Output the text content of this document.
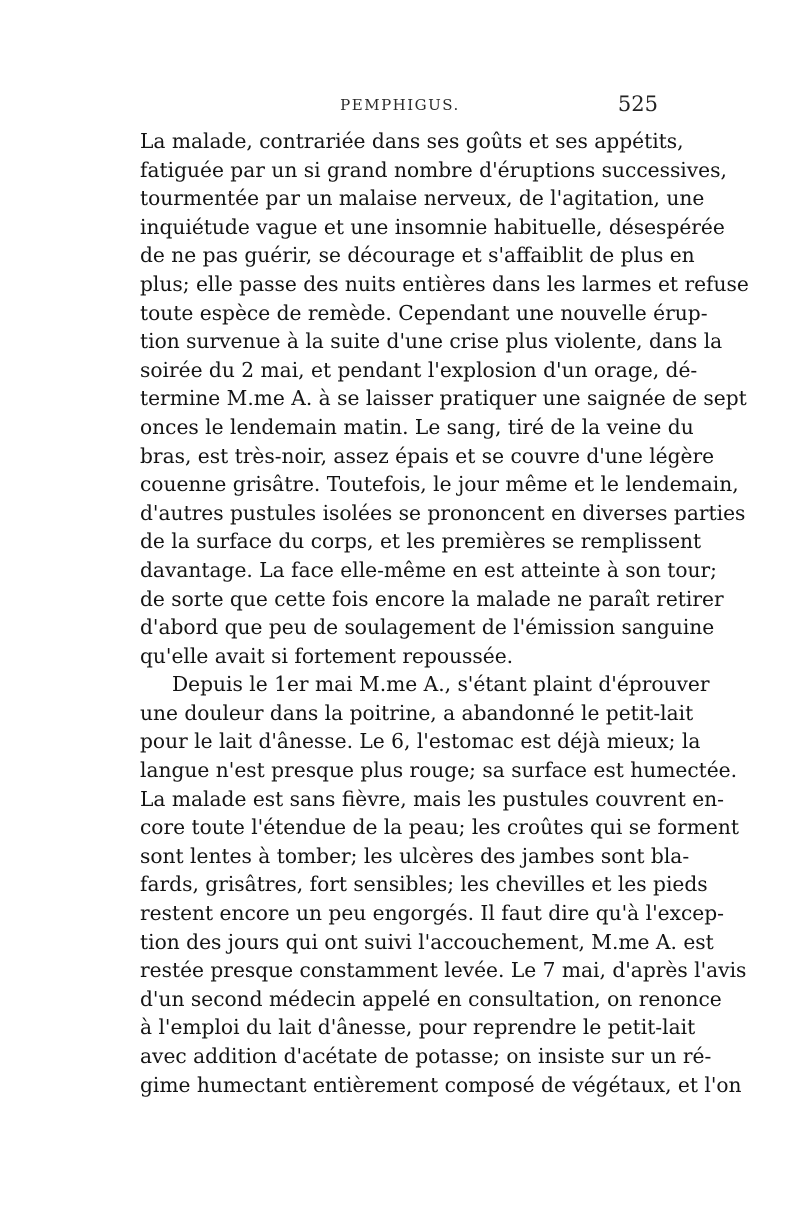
PEMPHIGUS.	525

La malade, contrariée dans ses goûts et ses appétits,
fatiguée par un si grand nombre d'éruptions successives,
tourmentée par un malaise nerveux, de l'agitation, une
inquiétude vague et une insomnie habituelle, désespérée
de ne pas guérir, se décourage et s'affaiblit de plus en
plus; elle passe des nuits entières dans les larmes et refuse
toute espèce de remède. Cependant une nouvelle érup-
tion survenue à la suite d'une crise plus violente, dans la
soirée du 2 mai, et pendant l'explosion d'un orage, dé-
termine M.me A. à se laisser pratiquer une saignée de sept
onces le lendemain matin. Le sang, tiré de la veine du
bras, est très-noir, assez épais et se couvre d'une légère
couenne grisâtre. Toutefois, le jour même et le lendemain,
d'autres pustules isolées se prononcent en diverses parties
de la surface du corps, et les premières se remplissent
davantage. La face elle-même en est atteinte à son tour;
de sorte que cette fois encore la malade ne paraît retirer
d'abord que peu de soulagement de l'émission sanguine
qu'elle avait si fortement repoussée.

Depuis le 1er mai M.me A., s'étant plaint d'éprouver
une douleur dans la poitrine, a abandonné le petit-lait
pour le lait d'ânesse. Le 6, l'estomac est déjà mieux; la
langue n'est presque plus rouge; sa surface est humectée.
La malade est sans fièvre, mais les pustules couvrent en-
core toute l'étendue de la peau; les croûtes qui se forment
sont lentes à tomber; les ulcères des jambes sont bla-
fards, grisâtres, fort sensibles; les chevilles et les pieds
restent encore un peu engorgés. Il faut dire qu'à l'excep-
tion des jours qui ont suivi l'accouchement, M.me A. est
restée presque constamment levée. Le 7 mai, d'après l'avis
d'un second médecin appelé en consultation, on renonce
à l'emploi du lait d'ânesse, pour reprendre le petit-lait
avec addition d'acétate de potasse; on insiste sur un ré-
gime humectant entièrement composé de végétaux, et l'on
